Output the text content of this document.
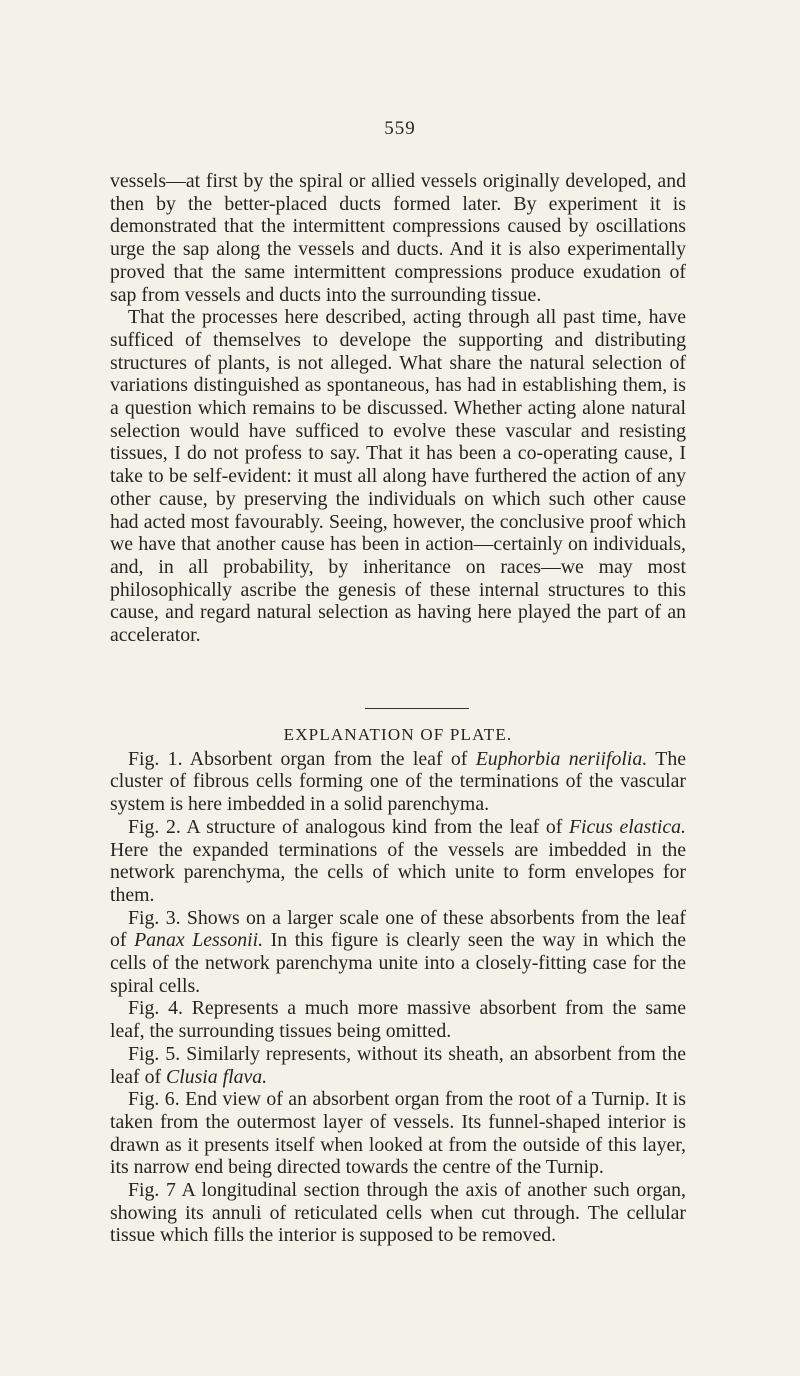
559

vessels—at first by the spiral or allied vessels originally developed, and then by the better-placed ducts formed later. By experiment it is demonstrated that the intermittent compressions caused by oscillations urge the sap along the vessels and ducts. And it is also experimentally proved that the same intermittent compressions produce exudation of sap from vessels and ducts into the surrounding tissue.

That the processes here described, acting through all past time, have sufficed of themselves to develope the supporting and distributing structures of plants, is not alleged. What share the natural selection of variations distinguished as spontaneous, has had in establishing them, is a question which remains to be discussed. Whether acting alone natural selection would have sufficed to evolve these vascular and resisting tissues, I do not profess to say. That it has been a co-operating cause, I take to be self-evident: it must all along have furthered the action of any other cause, by preserving the individuals on which such other cause had acted most favourably. Seeing, however, the conclusive proof which we have that another cause has been in action—certainly on individuals, and, in all probability, by inheritance on races—we may most philosophically ascribe the genesis of these internal structures to this cause, and regard natural selection as having here played the part of an accelerator.

EXPLANATION OF PLATE.

Fig. 1. Absorbent organ from the leaf of Euphorbia neriifolia. The cluster of fibrous cells forming one of the terminations of the vascular system is here imbedded in a solid parenchyma.

Fig. 2. A structure of analogous kind from the leaf of Ficus elastica. Here the expanded terminations of the vessels are imbedded in the network parenchyma, the cells of which unite to form envelopes for them.

Fig. 3. Shows on a larger scale one of these absorbents from the leaf of Panax Lessonii. In this figure is clearly seen the way in which the cells of the network parenchyma unite into a closely-fitting case for the spiral cells.

Fig. 4. Represents a much more massive absorbent from the same leaf, the surrounding tissues being omitted.

Fig. 5. Similarly represents, without its sheath, an absorbent from the leaf of Clusia flava.

Fig. 6. End view of an absorbent organ from the root of a Turnip. It is taken from the outermost layer of vessels. Its funnel-shaped interior is drawn as it presents itself when looked at from the outside of this layer, its narrow end being directed towards the centre of the Turnip.

Fig. 7 A longitudinal section through the axis of another such organ, showing its annuli of reticulated cells when cut through. The cellular tissue which fills the interior is supposed to be removed.
